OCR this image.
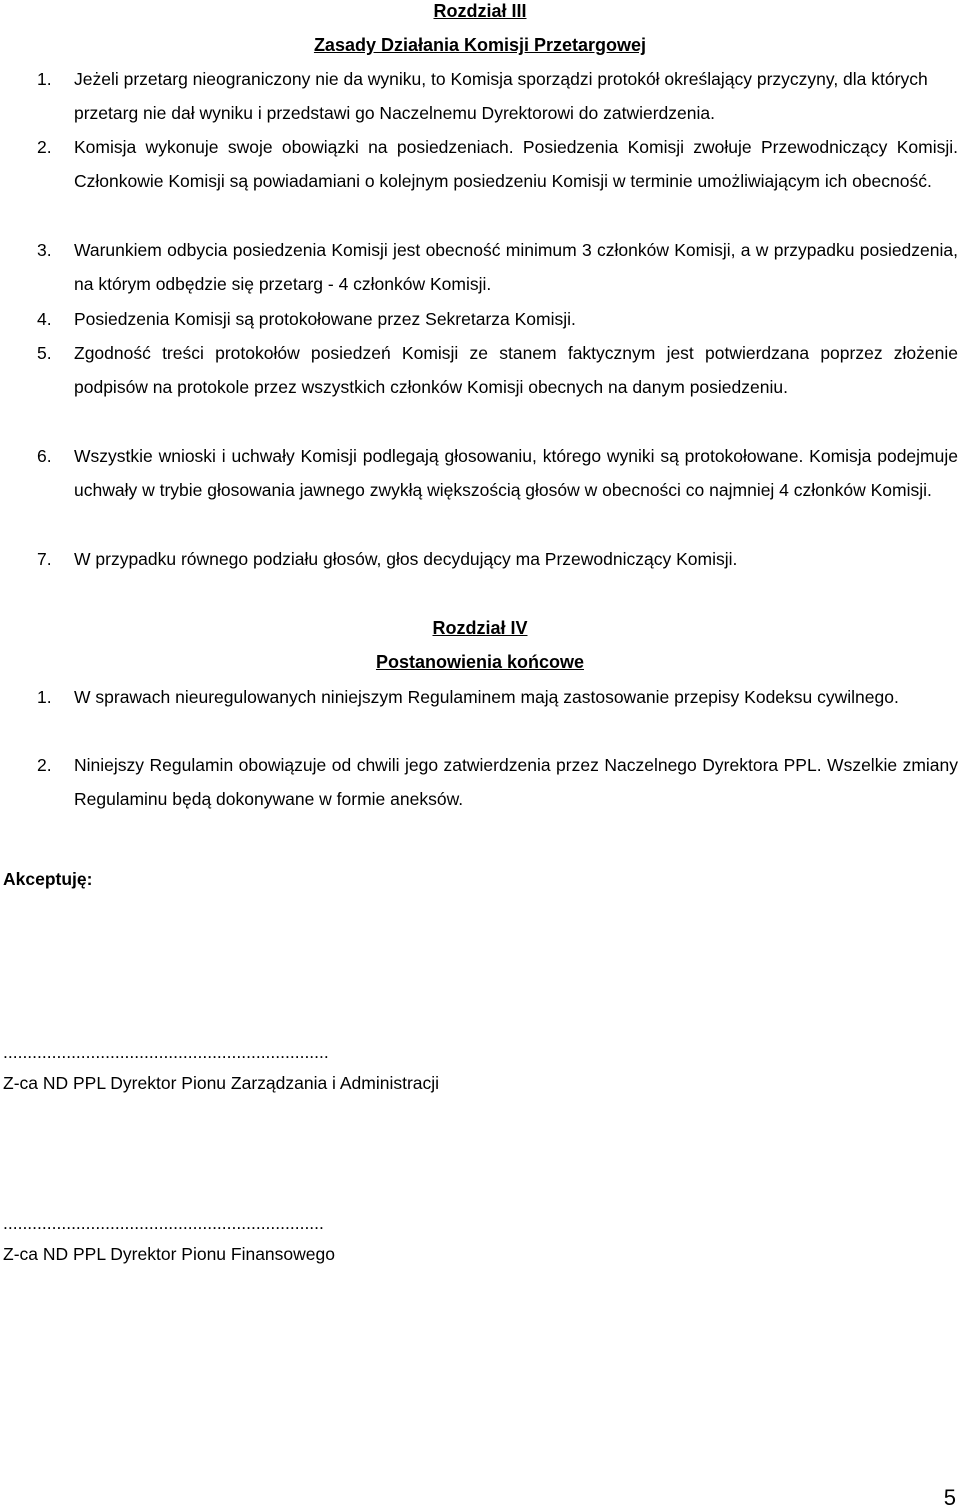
Rozdział III
Zasady Działania Komisji Przetargowej
1.	Jeżeli przetarg nieograniczony nie da wyniku, to Komisja sporządzi protokół określający przyczyny, dla których przetarg nie dał wyniku i przedstawi go Naczelnemu Dyrektorowi do zatwierdzenia.
2.	Komisja wykonuje swoje obowiązki na posiedzeniach. Posiedzenia Komisji zwołuje Przewodniczący Komisji. Członkowie Komisji są powiadamiani o kolejnym posiedzeniu Komisji w terminie umożliwiającym ich obecność.
3.	Warunkiem odbycia posiedzenia Komisji jest obecność minimum 3 członków Komisji, a w przypadku posiedzenia, na którym odbędzie się przetarg - 4 członków Komisji.
4.	Posiedzenia Komisji są protokołowane przez Sekretarza Komisji.
5.	Zgodność treści protokołów posiedzeń Komisji ze stanem faktycznym jest potwierdzana poprzez złożenie podpisów na protokole przez wszystkich członków Komisji obecnych na danym posiedzeniu.
6.	Wszystkie wnioski i uchwały Komisji podlegają głosowaniu, którego wyniki są protokołowane. Komisja podejmuje uchwały w trybie głosowania jawnego zwykłą większością głosów w obecności co najmniej 4 członków Komisji.
7.	W przypadku równego podziału głosów, głos decydujący ma Przewodniczący Komisji.
Rozdział IV
Postanowienia końcowe
1.	W sprawach nieuregulowanych niniejszym Regulaminem mają zastosowanie przepisy Kodeksu cywilnego.
2.	Niniejszy Regulamin obowiązuje od chwili jego zatwierdzenia przez Naczelnego Dyrektora PPL. Wszelkie zmiany Regulaminu będą dokonywane w formie aneksów.
Akceptuję:
...................................................................
Z-ca ND PPL Dyrektor Pionu Zarządzania i Administracji
..................................................................
Z-ca ND PPL Dyrektor Pionu Finansowego
5
